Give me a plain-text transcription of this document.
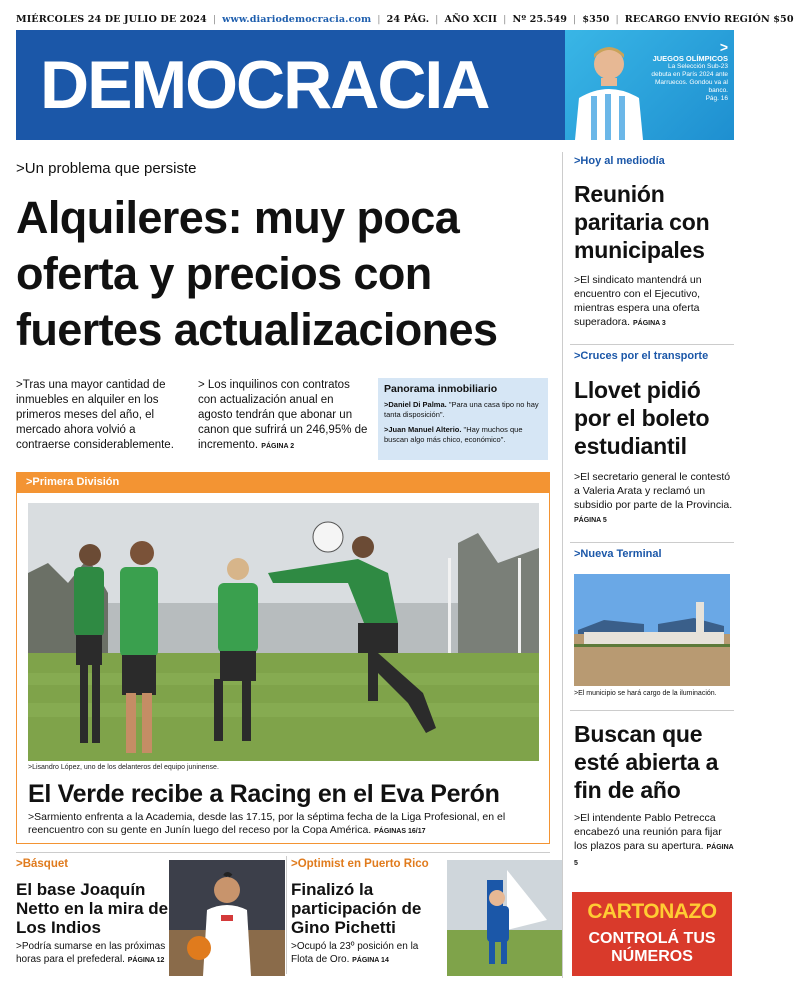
MIÉRCOLES 24 DE JULIO DE 2024 | www.diariodemocracia.com | 24 PÁG. | AÑO XCII | Nº 25.549 | $350 | RECARGO ENVÍO REGIÓN $50
DEMOCRACIA	>
JUEGOS OLÍMPICOS
La Selección Sub-23 debuta en París 2024 ante Marruecos. Gondou va al banco.
Pág. 16
>Un problema que persiste
Alquileres: muy poca oferta y precios con fuertes actualizaciones
>Tras una mayor cantidad de inmuebles en alquiler en los primeros meses del año, el mercado ahora volvió a contraerse considerablemente.
> Los inquilinos con contratos con actualización anual en agosto tendrán que abonar un canon que sufrirá un 246,95% de incremento. PÁGINA 2
Panorama inmobiliario
>Daniel Di Palma. "Para una casa tipo no hay tanta disposición".
>Juan Manuel Alterio. "Hay muchos que buscan algo más chico, económico".
>Primera División
>Lisandro López, uno de los delanteros del equipo juninense.
El Verde recibe a Racing en el Eva Perón
>Sarmiento enfrenta a la Academia, desde las 17.15, por la séptima fecha de la Liga Profesional, en el reencuentro con su gente en Junín luego del receso por la Copa América. PÁGINAS 16/17
>Básquet
El base Joaquín Netto en la mira de Los Indios
>Podría sumarse en las próximas horas para el prefederal. PÁGINA 12
>Optimist en Puerto Rico
Finalizó la participación de Gino Pichetti
>Ocupó la 23º posición en la Flota de Oro. PÁGINA 14
>Hoy al mediodía
Reunión paritaria con municipales
>El sindicato mantendrá un encuentro con el Ejecutivo, mientras espera una oferta superadora. PÁGINA 3
>Cruces por el transporte
Llovet pidió por el boleto estudiantil
>El secretario general le contestó a Valeria Arata y reclamó un subsidio por parte de la Provincia. PÁGINA 5
>Nueva Terminal
>El municipio se hará cargo de la iluminación.
Buscan que esté abierta a fin de año
>El intendente Pablo Petrecca encabezó una reunión para fijar los plazos para su apertura. PÁGINA 5
CARTONAZO
CONTROLÁ TUS NÚMEROS
